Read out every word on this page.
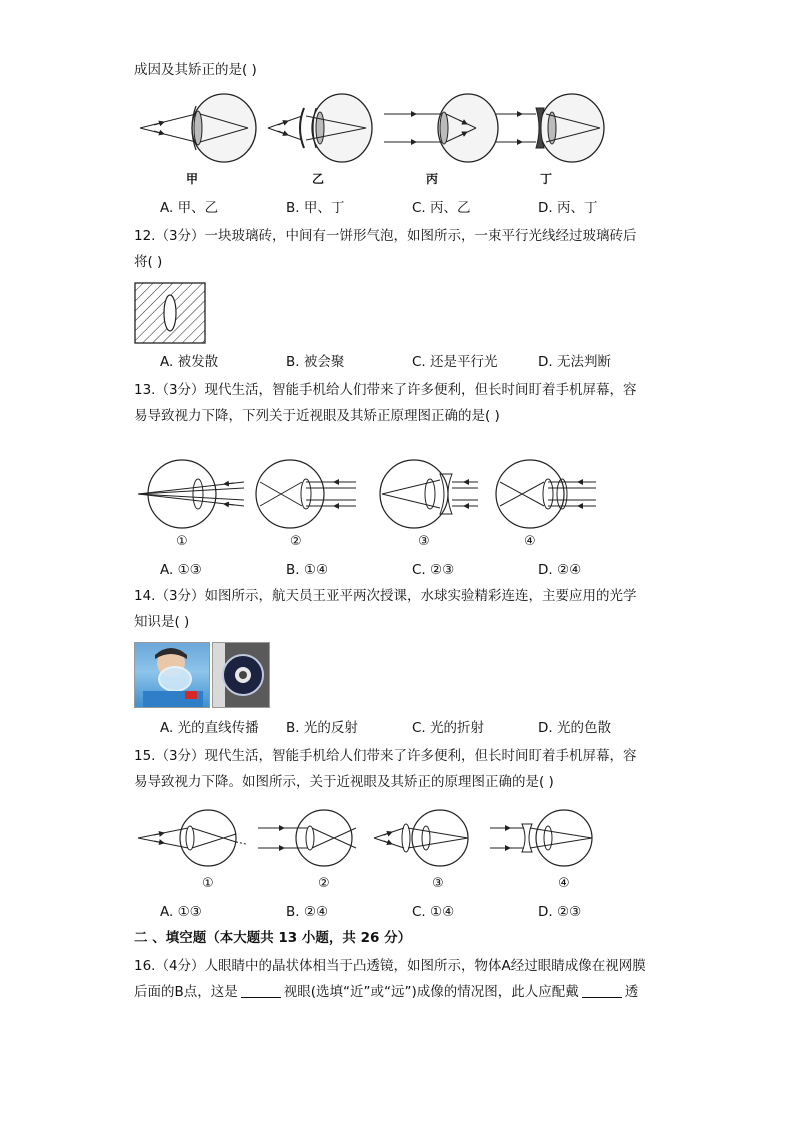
成因及其矫正的是( )
甲	乙	丙	丁
A. 甲、乙	B. 甲、丁	C. 丙、乙	D. 丙、丁
12.（3分）一块玻璃砖，中间有一饼形气泡，如图所示，一束平行光线经过玻璃砖后
将( )
A. 被发散	B. 被会聚	C. 还是平行光	D. 无法判断
13.（3分）现代生活，智能手机给人们带来了许多便利，但长时间盯着手机屏幕，容
易导致视力下降，下列关于近视眼及其矫正原理图正确的是( )
①	②	③	④
A. ①③	B. ①④	C. ②③	D. ②④
14.（3分）如图所示，航天员王亚平两次授课，水球实验精彩连连，主要应用的光学
知识是( )
A. 光的直线传播 B. 光的反射	C. 光的折射	D. 光的色散
15.（3分）现代生活，智能手机给人们带来了许多便利，但长时间盯着手机屏幕，容
易导致视力下降。如图所示，关于近视眼及其矫正的原理图正确的是( )
①	②	③	④
A. ①③	B. ②④	C. ①④	D. ②③
二 、填空题（本大题共 13 小题，共 26 分）
16.（4分）人眼睛中的晶状体相当于凸透镜，如图所示，物体A经过眼睛成像在视网膜
后面的B点，这是	视眼(选填“近”或“远”)成像的情况图，此人应配戴	透
